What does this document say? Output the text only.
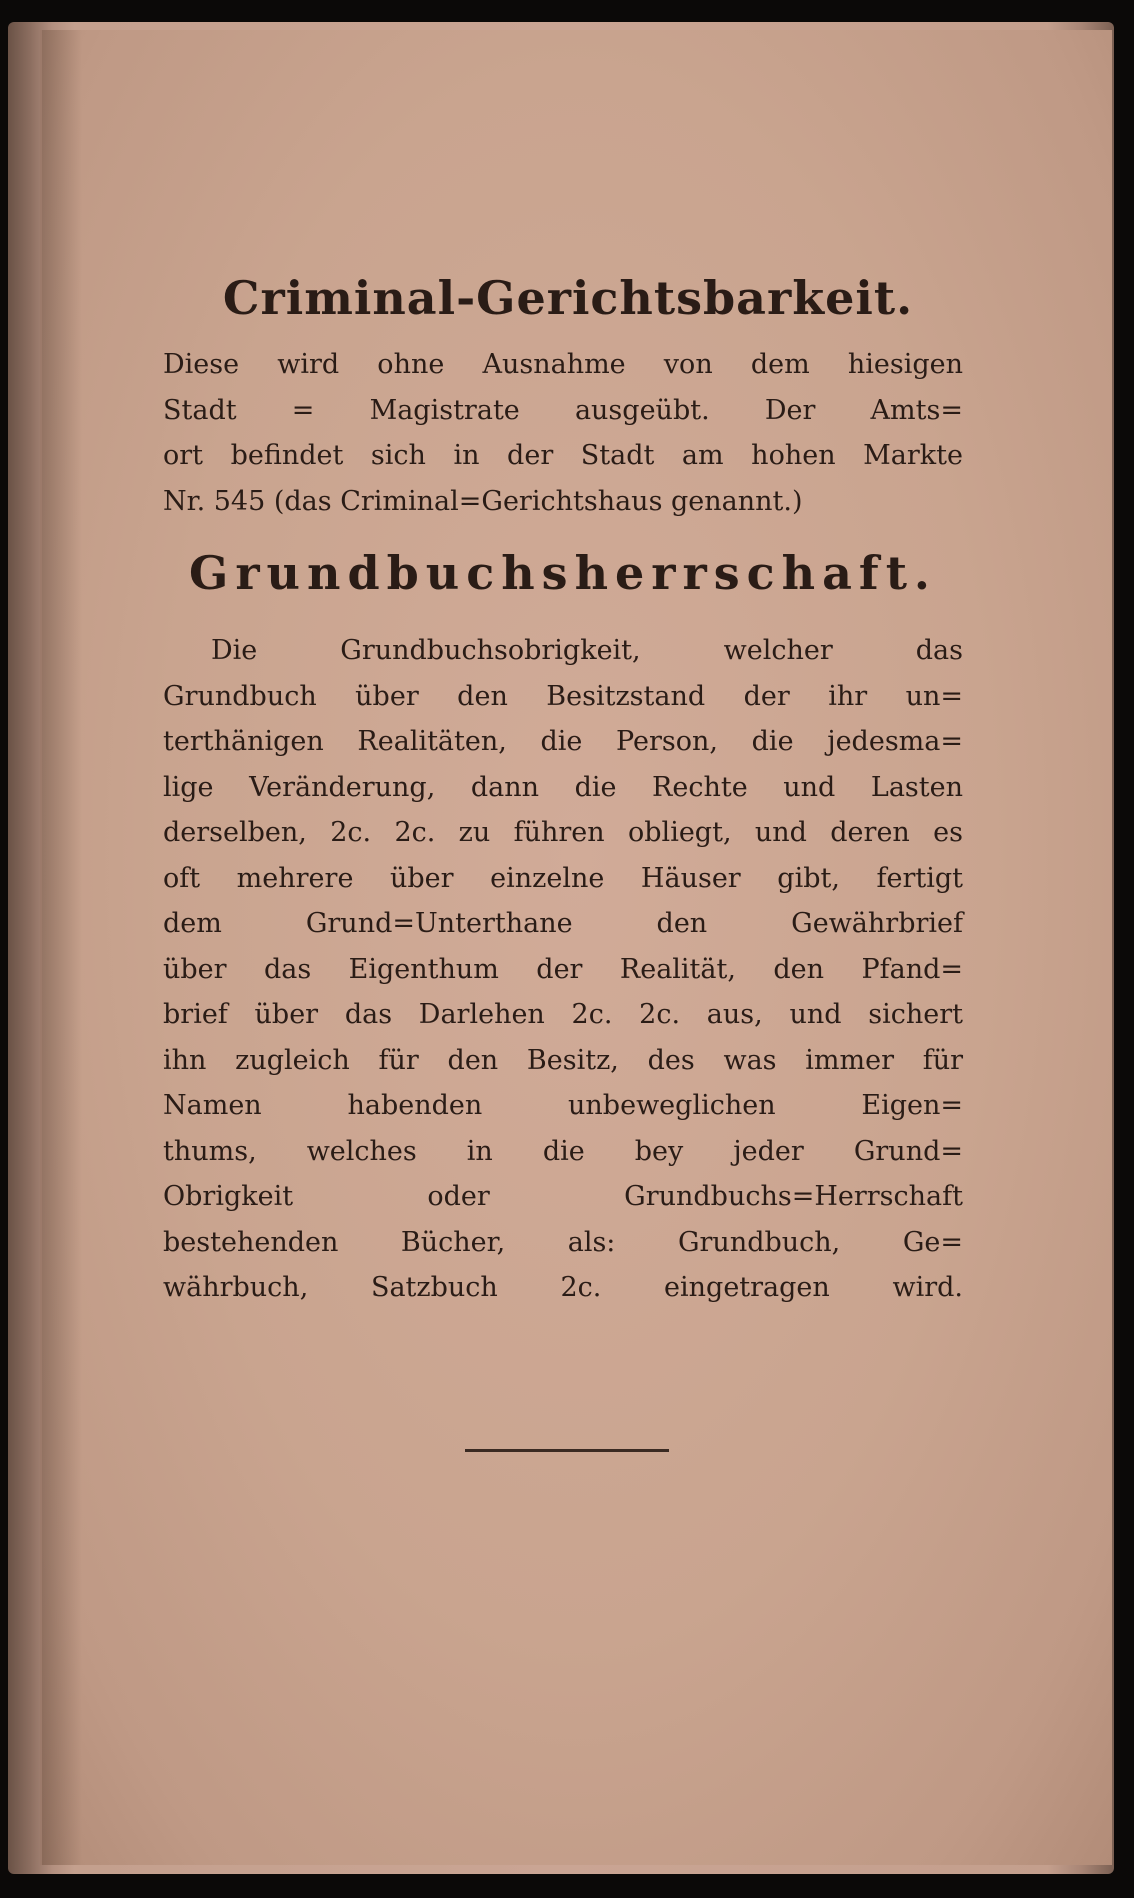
Criminal-Gerichtsbarkeit.

Diese wird ohne Ausnahme von dem hiesigen
Stadt = Magistrate ausgeübt. Der Amts=
ort befindet sich in der Stadt am hohen Markte
Nr. 545 (das Criminal=Gerichtshaus genannt.)

Grundbuchsherrschaft.

Die Grundbuchsobrigkeit, welcher das
Grundbuch über den Besitzstand der ihr un=
terthänigen Realitäten, die Person, die jedesma=
lige Veränderung, dann die Rechte und Lasten
derselben, 2c. 2c. zu führen obliegt, und deren es
oft mehrere über einzelne Häuser gibt, fertigt
dem Grund=Unterthane den Gewährbrief
über das Eigenthum der Realität, den Pfand=
brief über das Darlehen 2c. 2c. aus, und sichert
ihn zugleich für den Besitz, des was immer für
Namen habenden unbeweglichen Eigen=
thums, welches in die bey jeder Grund=
Obrigkeit oder Grundbuchs=Herrschaft
bestehenden Bücher, als: Grundbuch, Ge=
währbuch, Satzbuch 2c. eingetragen wird.
